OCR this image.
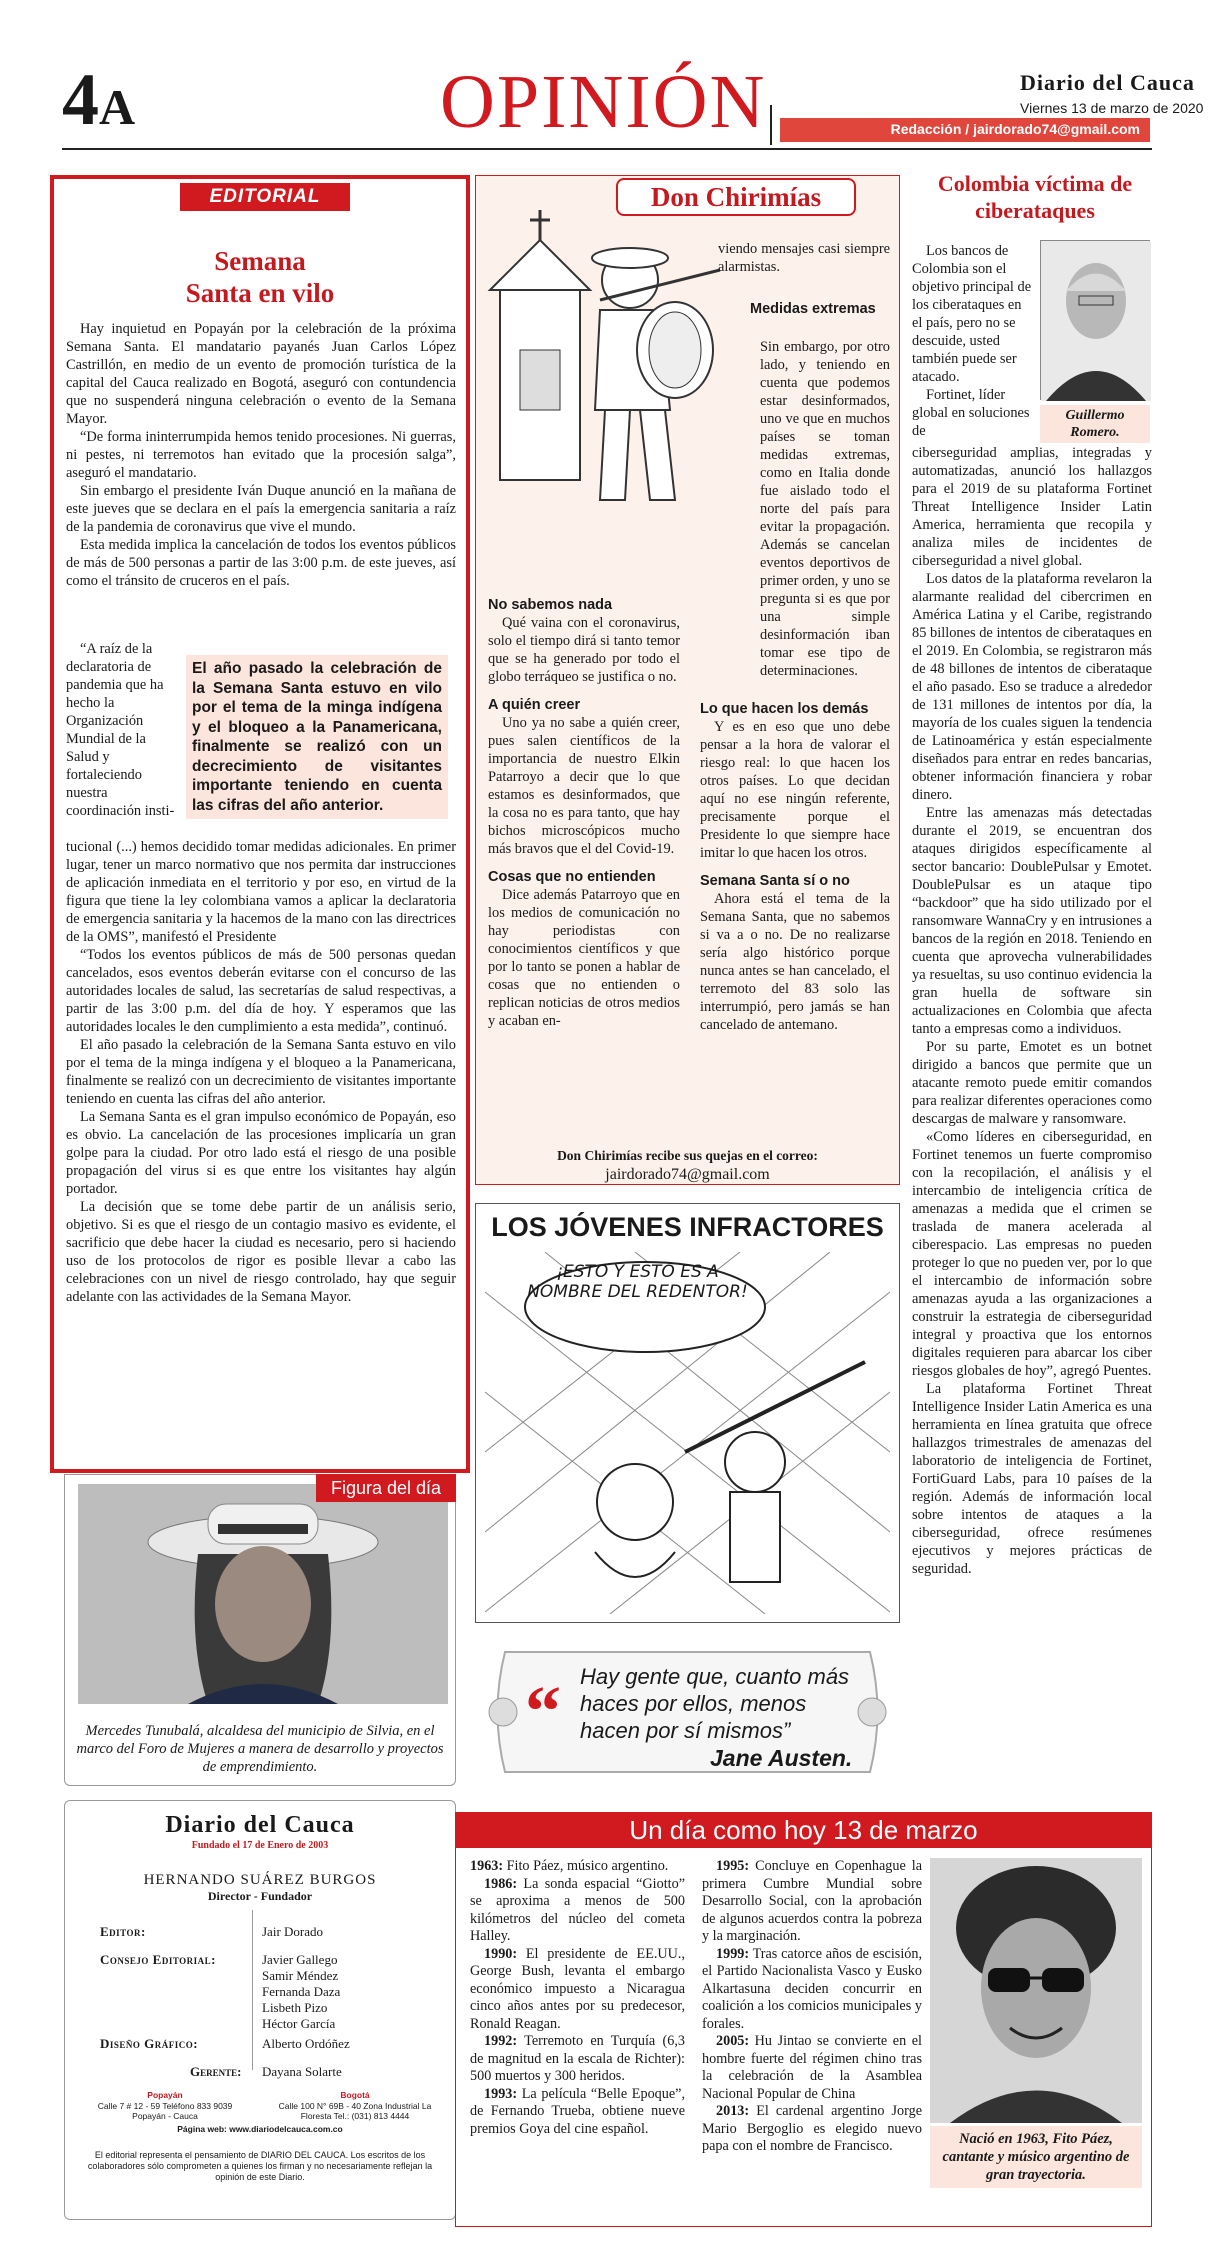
4A	OPINIÓN	Diario del Cauca
Viernes 13 de marzo de 2020
Redacción / jairdorado74@gmail.com
EDITORIAL
Semana
Santa en vilo

Hay inquietud en Popayán por la celebración de la próxima Semana Santa. El mandatario payanés Juan Carlos López Castrillón, en medio de un evento de promoción turística de la capital del Cauca realizado en Bogotá, aseguró con contundencia que no suspenderá ninguna celebración o evento de la Semana Mayor.

“De forma ininterrumpida hemos tenido procesiones. Ni guerras, ni pestes, ni terremotos han evitado que la procesión salga”, aseguró el mandatario.

Sin embargo el presidente Iván Duque anunció en la mañana de este jueves que se declara en el país la emergencia sanitaria a raíz de la pandemia de coronavirus que vive el mundo.

Esta medida implica la cancelación de todos los eventos públicos de más de 500 personas a partir de las 3:00 p.m. de este jueves, así como el tránsito de cruceros en el país.

“A raíz de la declaratoria de pandemia que ha hecho la Organización Mundial de la Salud y fortaleciendo nuestra coordinación insti-

El año pasado la celebración de la Semana Santa estuvo en vilo por el tema de la minga indígena y el bloqueo a la Panamericana, finalmente se realizó con un decrecimiento de visitantes importante teniendo en cuenta las cifras del año anterior.

tucional (...) hemos decidido tomar medidas adicionales. En primer lugar, tener un marco normativo que nos permita dar instrucciones de aplicación inmediata en el territorio y por eso, en virtud de la figura que tiene la ley colombiana vamos a aplicar la declaratoria de emergencia sanitaria y la hacemos de la mano con las directrices de la OMS”, manifestó el Presidente

“Todos los eventos públicos de más de 500 personas quedan cancelados, esos eventos deberán evitarse con el concurso de las autoridades locales de salud, las secretarías de salud respectivas, a partir de las 3:00 p.m. del día de hoy. Y esperamos que las autoridades locales le den cumplimiento a esta medida”, continuó.

El año pasado la celebración de la Semana Santa estuvo en vilo por el tema de la minga indígena y el bloqueo a la Panamericana, finalmente se realizó con un decrecimiento de visitantes importante teniendo en cuenta las cifras del año anterior.

La Semana Santa es el gran impulso económico de Popayán, eso es obvio. La cancelación de las procesiones implicaría un gran golpe para la ciudad. Por otro lado está el riesgo de una posible propagación del virus si es que entre los visitantes hay algún portador.

La decisión que se tome debe partir de un análisis serio, objetivo. Si es que el riesgo de un contagio masivo es evidente, el sacrificio que debe hacer la ciudad es necesario, pero si haciendo uso de los protocolos de rigor es posible llevar a cabo las celebraciones con un nivel de riesgo controlado, hay que seguir adelante con las actividades de la Semana Mayor.

Figura del día
Mercedes Tunubalá, alcaldesa del municipio de Silvia, en el marco del Foro de Mujeres a manera de desarrollo y proyectos de emprendimiento.
Diario del Cauca
Fundado el 17 de Enero de 2003
HERNANDO SUÁREZ BURGOS
Director - Fundador
Editor:	Jair Dorado
Consejo Editorial:	Javier Gallego
Samir Méndez
Fernanda Daza
Lisbeth Pizo
Héctor García
Diseño Gráfico:	Alberto Ordóñez
Gerente: Dayana Solarte
Popayán
Calle 7 # 12 - 59 Teléfono 833 9039 Popayán - Cauca
Bogotá
Calle 100 N° 69B - 40 Zona Industrial La Floresta Tel.: (031) 813 4444
Página web: www.diariodelcauca.com.co
El editorial representa el pensamiento de DIARIO DEL CAUCA. Los escritos de los colaboradores sólo comprometen a quienes los firman y no necesariamente reflejan la opinión de este Diario.
Don Chirimías

viendo mensajes casi siempre alarmistas.

Medidas extremas

Sin embargo, por otro lado, y teniendo en cuenta que podemos estar desinformados, uno ve que en muchos países se toman medidas extremas, como en Italia donde fue aislado todo el norte del país para evitar la propagación. Además se cancelan eventos deportivos de primer orden, y uno se pregunta si es que por una simple desinformación iban tomar ese tipo de determinaciones.

No sabemos nada

Qué vaina con el coronavirus, solo el tiempo dirá si tanto temor que se ha generado por todo el globo terráqueo se justifica o no.

A quién creer

Uno ya no sabe a quién creer, pues salen científicos de la importancia de nuestro Elkin Patarroyo a decir que lo que estamos es desinformados, que la cosa no es para tanto, que hay bichos microscópicos mucho más bravos que el del Covid-19.

Cosas que no entienden

Dice además Patarroyo que en los medios de comunicación no hay periodistas con conocimientos científicos y que por lo tanto se ponen a hablar de cosas que no entienden o replican noticias de otros medios y acaban en-

Lo que hacen los demás

Y es en eso que uno debe pensar a la hora de valorar el riesgo real: lo que hacen los otros países. Lo que decidan aquí no ese ningún referente, precisamente porque el Presidente lo que siempre hace imitar lo que hacen los otros.

Semana Santa sí o no

Ahora está el tema de la Semana Santa, que no sabemos si va a o no. De no realizarse sería algo histórico porque nunca antes se han cancelado, el terremoto del 83 solo las interrumpió, pero jamás se han cancelado de antemano.

Don Chirimías recibe sus quejas en el correo:
jairdorado74@gmail.com
LOS JÓVENES INFRACTORES
¡ESTO Y ESTO ES A NOMBRE DEL REDENTOR!
“ Hay gente que, cuanto más haces por ellos, menos hacen por sí mismos”
Jane Austen.
Colombia víctima de ciberataques
Guillermo Romero.

Los bancos de Colombia son el objetivo principal de los ciberataques en el país, pero no se descuide, usted también puede ser atacado.

Fortinet, líder global en soluciones de

ciberseguridad amplias, integradas y automatizadas, anunció los hallazgos para el 2019 de su plataforma Fortinet Threat Intelligence Insider Latin America, herramienta que recopila y analiza miles de incidentes de ciberseguridad a nivel global.

Los datos de la plataforma revelaron la alarmante realidad del cibercrimen en América Latina y el Caribe, registrando 85 billones de intentos de ciberataques en el 2019. En Colombia, se registraron más de 48 billones de intentos de ciberataque el año pasado. Eso se traduce a alrededor de 131 millones de intentos por día, la mayoría de los cuales siguen la tendencia de Latinoamérica y están especialmente diseñados para entrar en redes bancarias, obtener información financiera y robar dinero.

Entre las amenazas más detectadas durante el 2019, se encuentran dos ataques dirigidos específicamente al sector bancario: DoublePulsar y Emotet. DoublePulsar es un ataque tipo “backdoor” que ha sido utilizado por el ransomware WannaCry y en intrusiones a bancos de la región en 2018. Teniendo en cuenta que aprovecha vulnerabilidades ya resueltas, su uso continuo evidencia la gran huella de software sin actualizaciones en Colombia que afecta tanto a empresas como a individuos.

Por su parte, Emotet es un botnet dirigido a bancos que permite que un atacante remoto puede emitir comandos para realizar diferentes operaciones como descargas de malware y ransomware.

«Como líderes en ciberseguridad, en Fortinet tenemos un fuerte compromiso con la recopilación, el análisis y el intercambio de inteligencia crítica de amenazas a medida que el crimen se traslada de manera acelerada al ciberespacio. Las empresas no pueden proteger lo que no pueden ver, por lo que el intercambio de información sobre amenazas ayuda a las organizaciones a construir la estrategia de ciberseguridad integral y proactiva que los entornos digitales requieren para abarcar los ciber riesgos globales de hoy”, agregó Puentes.

La plataforma Fortinet Threat Intelligence Insider Latin America es una herramienta en línea gratuita que ofrece hallazgos trimestrales de amenazas del laboratorio de inteligencia de Fortinet, FortiGuard Labs, para 10 países de la región. Además de información local sobre intentos de ataques a la ciberseguridad, ofrece resúmenes ejecutivos y mejores prácticas de seguridad.

Un día como hoy 13 de marzo

1963: Fito Páez, músico argentino.

1986: La sonda espacial “Giotto” se aproxima a menos de 500 kilómetros del núcleo del cometa Halley.

1990: El presidente de EE.UU., George Bush, levanta el embargo económico impuesto a Nicaragua cinco años antes por su predecesor, Ronald Reagan.

1992: Terremoto en Turquía (6,3 de magnitud en la escala de Richter): 500 muertos y 300 heridos.

1993: La película “Belle Epoque”, de Fernando Trueba, obtiene nueve premios Goya del cine español.

1995: Concluye en Copenhague la primera Cumbre Mundial sobre Desarrollo Social, con la aprobación de algunos acuerdos contra la pobreza y la marginación.

1999: Tras catorce años de escisión, el Partido Nacionalista Vasco y Eusko Alkartasuna deciden concurrir en coalición a los comicios municipales y forales.

2005: Hu Jintao se convierte en el hombre fuerte del régimen chino tras la celebración de la Asamblea Nacional Popular de China

2013: El cardenal argentino Jorge Mario Bergoglio es elegido nuevo papa con el nombre de Francisco.	Nació en 1963, Fito Páez, cantante y músico argentino de gran trayectoria.
